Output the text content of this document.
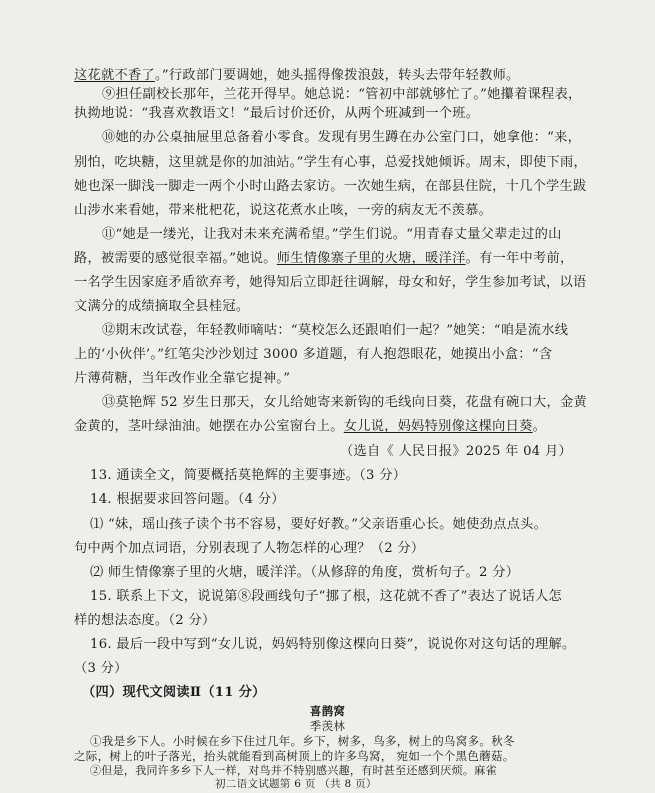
这花就不香了。”行政部门要调她，她头摇得像拨浪鼓，转头去带年轻教师。
⑨担任副校长那年，兰花开得早。她总说：“管初中部就够忙了。”她攥着课程表，
执拗地说：“我喜欢教语文！”最后讨价还价，从两个班减到一个班。
⑩她的办公桌抽屉里总备着小零食。发现有男生蹲在办公室门口，她拿他：“来，
别怕，吃块糖，这里就是你的加油站。”学生有心事，总爱找她倾诉。周末，即使下雨，
她也深一脚浅一脚走一两个小时山路去家访。一次她生病，在部县住院，十几个学生跋
山涉水来看她，带来枇杷花，说这花煮水止咳，一旁的病友无不羡慕。
⑪“她是一缕光，让我对未来充满希望。”学生们说。“用青春丈量父辈走过的山
路，被需要的感觉很幸福。”她说。师生情像寨子里的火塘，暖洋洋。有一年中考前，
一名学生因家庭矛盾欲弃考，她得知后立即赶往调解，母女和好，学生参加考试，以语
文满分的成绩摘取全县桂冠。
⑫期末改试卷，年轻教师嘀咕：“莫校怎么还跟咱们一起？”她笑：“咱是流水线
上的‘小伙伴’。”红笔尖沙沙划过 3000 多道题，有人抱怨眼花，她摸出小盒：“含
片薄荷糖，当年改作业全靠它提神。”
⑬莫艳辉 52 岁生日那天，女儿给她寄来新钩的毛线向日葵，花盘有碗口大，金黄
金黄的，茎叶绿油油。她摆在办公室窗台上。女儿说，妈妈特别像这棵向日葵。
（选自《 人民日报》2025 年 04 月）
13. 通读全文，简要概括莫艳辉的主要事迹。（3 分）
14. 根据要求回答问题。（4 分）
⑴ “妹，瑶山孩子读个书不容易，要好好教。”父亲语重心长。她使劲点点头。
句中两个加点词语，分别表现了人物怎样的心理？（2 分）
⑵ 师生情像寨子里的火塘，暖洋洋。（从修辞的角度，赏析句子。2 分）
15. 联系上下文，说说第⑧段画线句子“挪了根，这花就不香了”表达了说话人怎
样的想法态度。（2 分）
16. 最后一段中写到“女儿说，妈妈特别像这棵向日葵”，说说你对这句话的理解。
（3 分）
（四）现代文阅读Ⅱ（11 分）
喜鹊窝
季羡林
①我是乡下人。小时候在乡下住过几年。乡下，树多，鸟多，树上的鸟窝多。秋冬
之际，树上的叶子落光，抬头就能看到高树顶上的许多鸟窝， 宛如一个个黑色蘑菇。
②但是，我同许多乡下人一样，对鸟并不特别感兴趣，有时甚至还感到厌烦。麻雀
初二语文试题第 6 页 （共 8 页）
